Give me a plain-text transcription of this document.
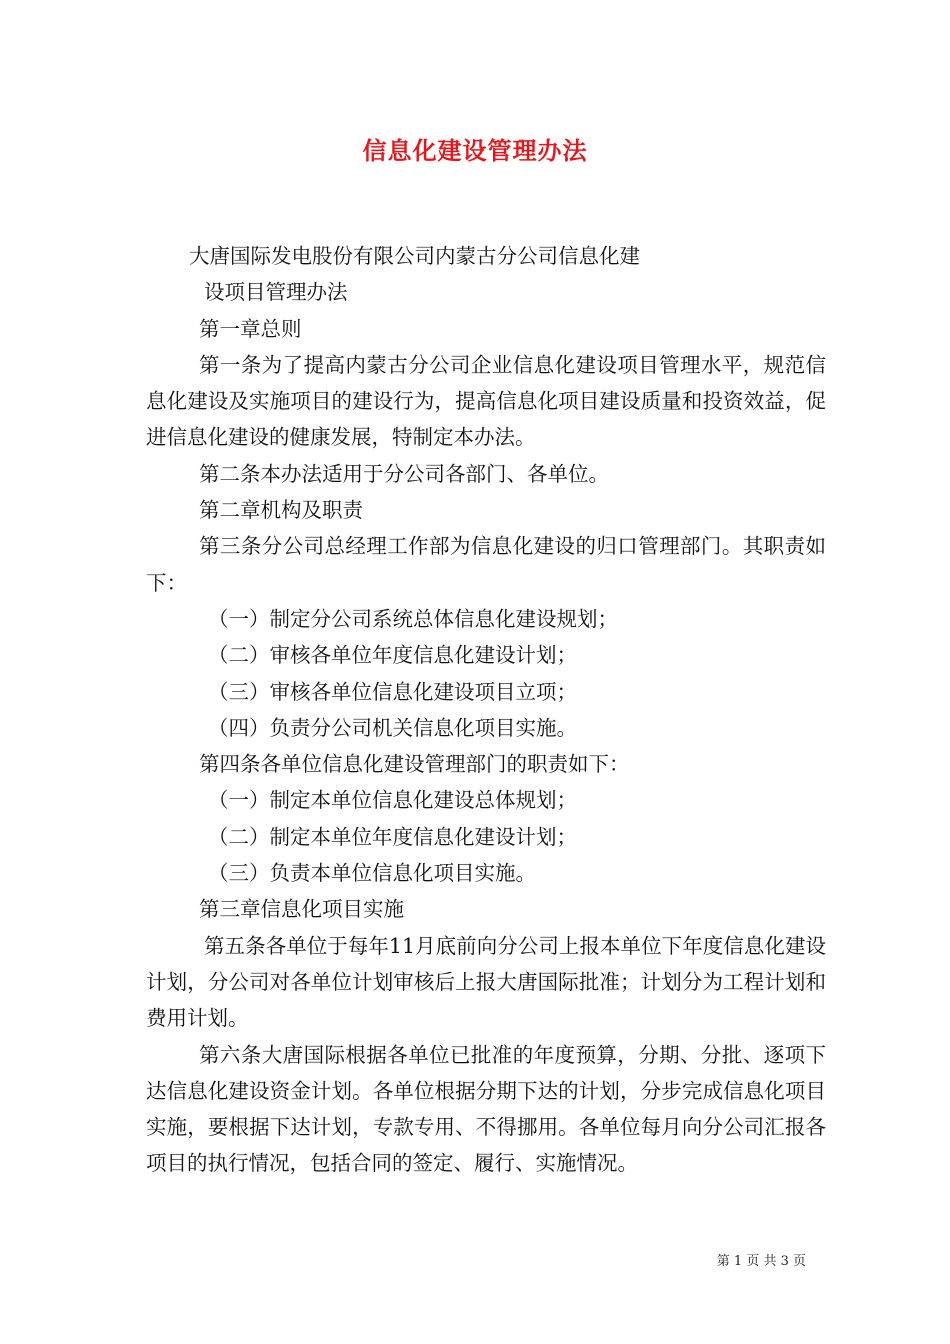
信息化建设管理办法

大唐国际发电股份有限公司内蒙古分公司信息化建

设项目管理办法

第一章总则

第一条为了提高内蒙古分公司企业信息化建设项目管理水平，规范信息化建设及实施项目的建设行为，提高信息化项目建设质量和投资效益，促进信息化建设的健康发展，特制定本办法。

第二条本办法适用于分公司各部门、各单位。

第二章机构及职责

第三条分公司总经理工作部为信息化建设的归口管理部门。其职责如下：

（一）制定分公司系统总体信息化建设规划；

（二）审核各单位年度信息化建设计划；

（三）审核各单位信息化建设项目立项；

（四）负责分公司机关信息化项目实施。

第四条各单位信息化建设管理部门的职责如下：

（一）制定本单位信息化建设总体规划；

（二）制定本单位年度信息化建设计划；

（三）负责本单位信息化项目实施。

第三章信息化项目实施

第五条各单位于每年11月底前向分公司上报本单位下年度信息化建设计划，分公司对各单位计划审核后上报大唐国际批准；计划分为工程计划和费用计划。

第六条大唐国际根据各单位已批准的年度预算，分期、分批、逐项下达信息化建设资金计划。各单位根据分期下达的计划，分步完成信息化项目实施，要根据下达计划，专款专用、不得挪用。各单位每月向分公司汇报各项目的执行情况，包括合同的签定、履行、实施情况。

第 1 页 共 3 页
